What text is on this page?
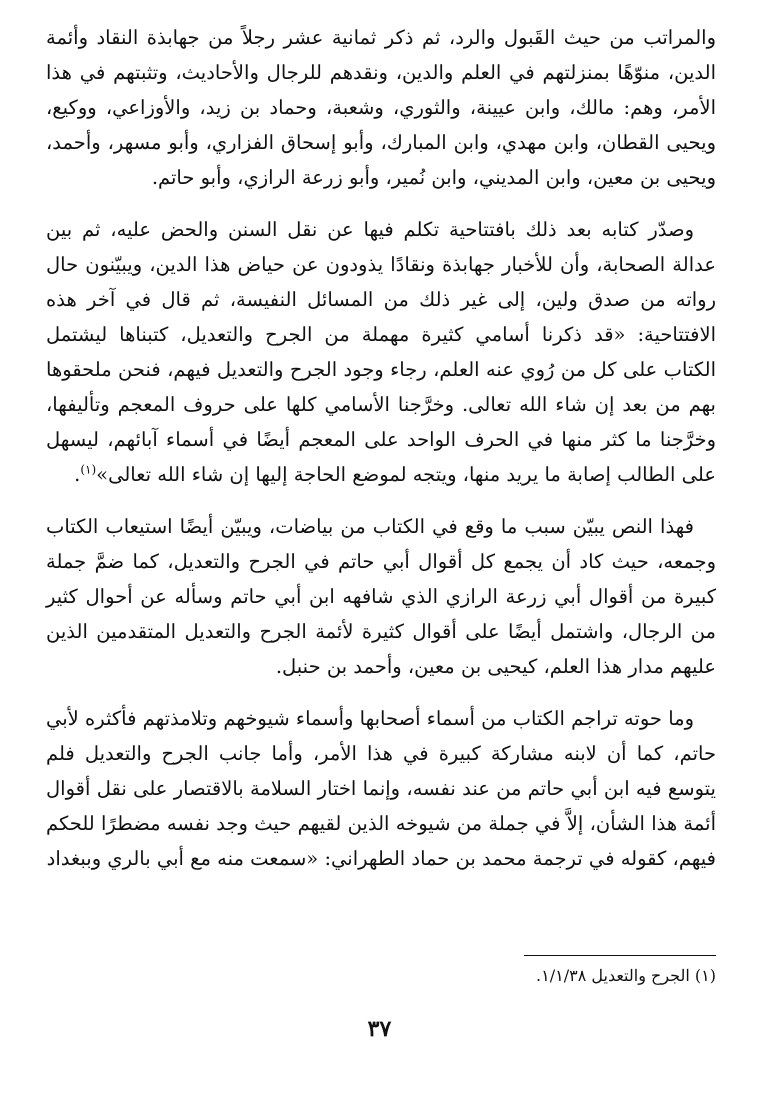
والمراتب من حيث القَبول والرد، ثم ذكر ثمانية عشر رجلاً من جهابذة النقاد وأئمة الدين، منوّهًا بمنزلتهم في العلم والدين، ونقدهم للرجال والأحاديث، وتثبتهم في هذا الأمر، وهم: مالك، وابن عيينة، والثوري، وشعبة، وحماد بن زيد، والأوزاعي، ووكيع، ويحيى القطان، وابن مهدي، وابن المبارك، وأبو إسحاق الفزاري، وأبو مسهر، وأحمد، ويحيى بن معين، وابن المديني، وابن نُمير، وأبو زرعة الرازي، وأبو حاتم.

وصدّر كتابه بعد ذلك بافتتاحية تكلم فيها عن نقل السنن والحض عليه، ثم بين عدالة الصحابة، وأن للأخبار جهابذة ونقادًا يذودون عن حياض هذا الدين، ويبيّنون حال رواته من صدق ولين، إلى غير ذلك من المسائل النفيسة، ثم قال في آخر هذه الافتتاحية: «قد ذكرنا أسامي كثيرة مهملة من الجرح والتعديل، كتبناها ليشتمل الكتاب على كل من رُوي عنه العلم، رجاء وجود الجرح والتعديل فيهم، فنحن ملحقوها بهم من بعد إن شاء الله تعالى. وخرَّجنا الأسامي كلها على حروف المعجم وتأليفها، وخرَّجنا ما كثر منها في الحرف الواحد على المعجم أيضًا في أسماء آبائهم، ليسهل على الطالب إصابة ما يريد منها، ويتجه لموضع الحاجة إليها إن شاء الله تعالى»$^{(١)}$.

فهذا النص يبيّن سبب ما وقع في الكتاب من بياضات، ويبيّن أيضًا استيعاب الكتاب وجمعه، حيث كاد أن يجمع كل أقوال أبي حاتم في الجرح والتعديل، كما ضمَّ جملة كبيرة من أقوال أبي زرعة الرازي الذي شافهه ابن أبي حاتم وسأله عن أحوال كثير من الرجال، واشتمل أيضًا على أقوال كثيرة لأئمة الجرح والتعديل المتقدمين الذين عليهم مدار هذا العلم، كيحيى بن معين، وأحمد بن حنبل.

وما حوته تراجم الكتاب من أسماء أصحابها وأسماء شيوخهم وتلامذتهم فأكثره لأبي حاتم، كما أن لابنه مشاركة كبيرة في هذا الأمر، وأما جانب الجرح والتعديل فلم يتوسع فيه ابن أبي حاتم من عند نفسه، وإنما اختار السلامة بالاقتصار على نقل أقوال أئمة هذا الشأن، إلاَّ في جملة من شيوخه الذين لقيهم حيث وجد نفسه مضطرًا للحكم فيهم، كقوله في ترجمة محمد بن حماد الطهراني: «سمعت منه مع أبي بالري وببغداد

(١) الجرح والتعديل ١/١/٣٨.
٣٧
